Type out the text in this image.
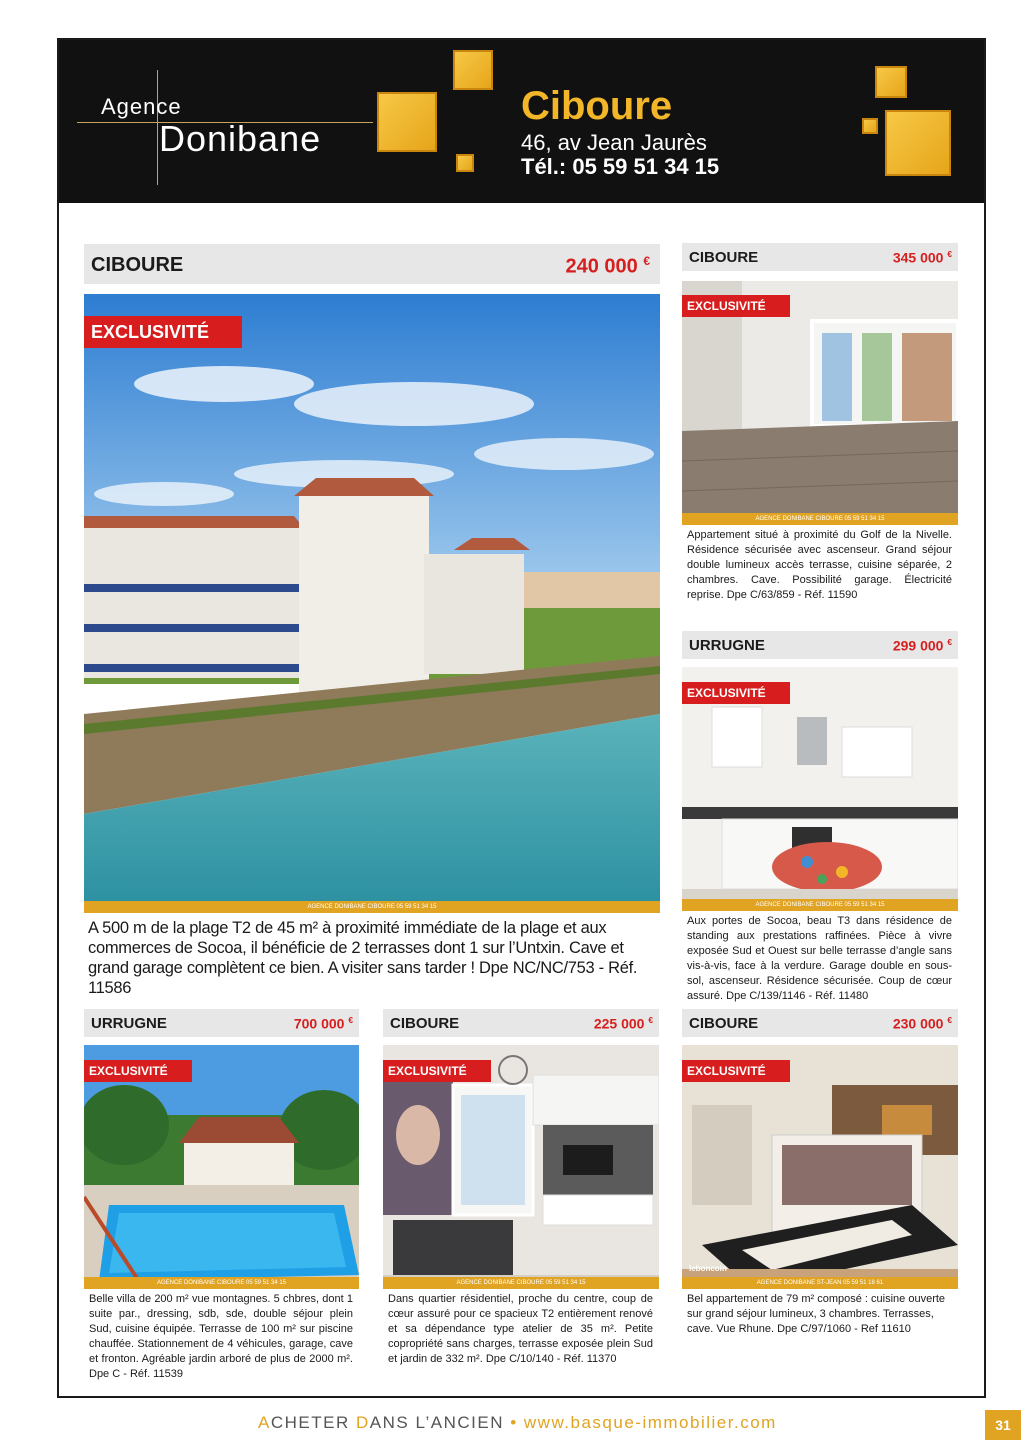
Agence
Donibane
Ciboure
46, av Jean Jaurès
Tél.: 05 59 51 34 15
CIBOURE	240 000 €
EXCLUSIVITÉ
AGENCE DONIBANE CIBOURE 05 59 51 34 15
A 500 m de la plage T2 de 45 m² à proximité immédiate de la plage et aux commerces de Socoa, il bénéficie de 2 terrasses dont 1 sur l’Untxin. Cave et grand garage complètent ce bien. A visiter sans tarder ! Dpe NC/NC/753 - Réf. 11586
CIBOURE	345 000 €
EXCLUSIVITÉ
AGENCE DONIBANE CIBOURE 05 59 51 34 15
Appartement situé à proximité du Golf de la Nivelle. Résidence sécurisée avec ascenseur. Grand séjour double lumineux accès terrasse, cuisine séparée, 2 chambres. Cave. Possibilité garage. Électricité reprise. Dpe C/63/859 - Réf. 11590
URRUGNE	299 000 €
EXCLUSIVITÉ
AGENCE DONIBANE CIBOURE 05 59 51 34 15
Aux portes de Socoa, beau T3 dans résidence de standing aux prestations raffinées. Pièce à vivre exposée Sud et Ouest sur belle terrasse d’angle sans vis-à-vis, face à la verdure. Garage double en sous-sol, ascenseur. Résidence sécurisée. Coup de cœur assuré. Dpe C/139/1146 - Réf. 11480
URRUGNE	700 000 €
EXCLUSIVITÉ
AGENCE DONIBANE CIBOURE 05 59 51 34 15
Belle villa de 200 m² vue montagnes. 5 chbres, dont 1 suite par., dressing, sdb, sde, double séjour plein Sud, cuisine équipée. Terrasse de 100 m² sur piscine chauffée. Stationnement de 4 véhicules, garage, cave et fronton. Agréable jardin arboré de plus de 2000 m². Dpe C - Réf. 11539
CIBOURE	225 000 €
EXCLUSIVITÉ
AGENCE DONIBANE CIBOURE 05 59 51 34 15
Dans quartier résidentiel, proche du centre, coup de cœur assuré pour ce spacieux T2 entièrement renové et sa dépendance type atelier de 35 m². Petite copropriété sans charges, terrasse exposée plein Sud et jardin de 332 m². Dpe C/10/140 - Réf. 11370
CIBOURE	230 000 €
EXCLUSIVITÉ
leboncoin
AGENCE DONIBANE ST-JEAN 05 59 51 18 61
Bel appartement de 79 m² composé : cuisine ouverte sur grand séjour lumineux, 3 chambres. Terrasses, cave. Vue Rhune. Dpe C/97/1060 - Ref 11610
ACHETER DANS L’ANCIEN • www.basque-immobilier.com	31
